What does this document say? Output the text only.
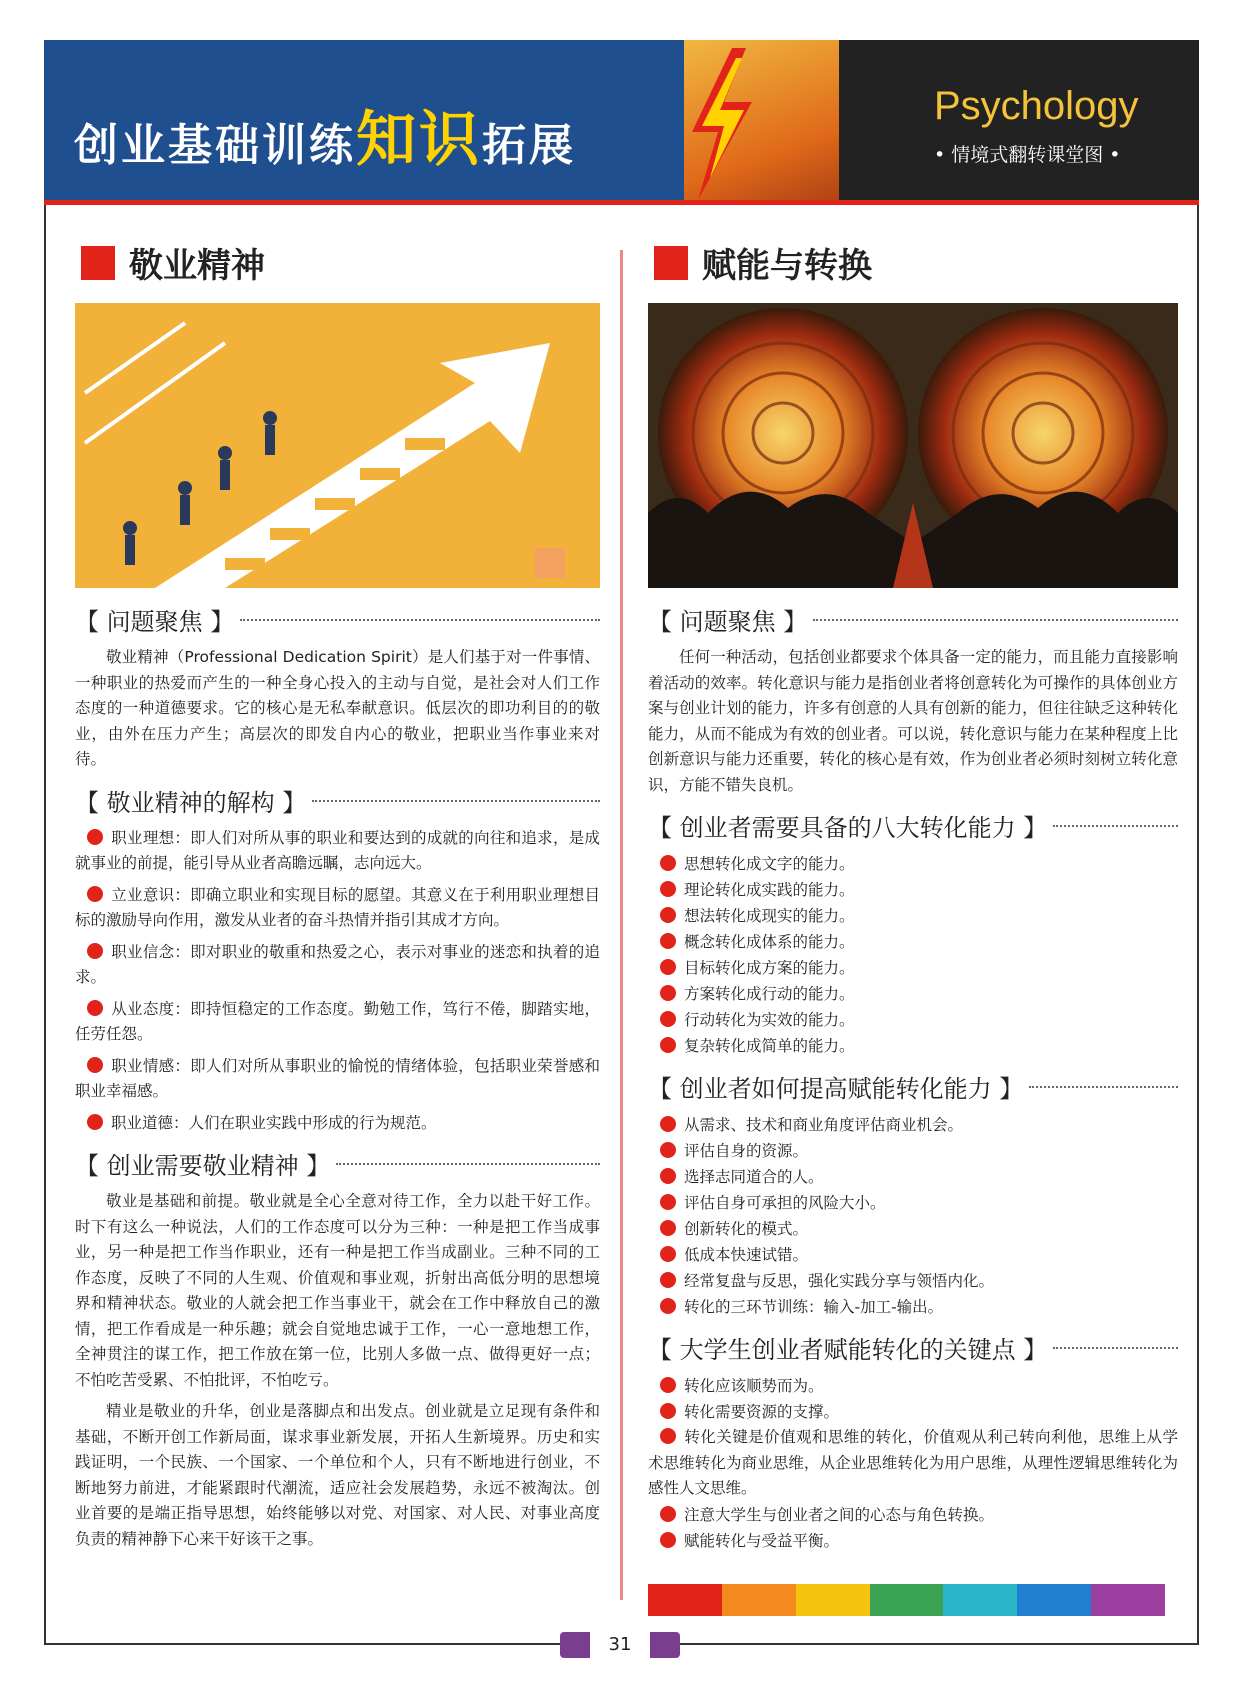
创业基础训练知识拓展
Psychology
• 情境式翻转课堂图 •
敬业精神
【 问题聚焦 】

敬业精神（Professional Dedication Spirit）是人们基于对一件事情、一种职业的热爱而产生的一种全身心投入的主动与自觉，是社会对人们工作态度的一种道德要求。它的核心是无私奉献意识。低层次的即功利目的的敬业，由外在压力产生；高层次的即发自内心的敬业，把职业当作事业来对待。

【 敬业精神的解构 】

职业理想：即人们对所从事的职业和要达到的成就的向往和追求，是成就事业的前提，能引导从业者高瞻远瞩，志向远大。

立业意识：即确立职业和实现目标的愿望。其意义在于利用职业理想目标的激励导向作用，激发从业者的奋斗热情并指引其成才方向。

职业信念：即对职业的敬重和热爱之心，表示对事业的迷恋和执着的追求。

从业态度：即持恒稳定的工作态度。勤勉工作，笃行不倦，脚踏实地，任劳任怨。

职业情感：即人们对所从事职业的愉悦的情绪体验，包括职业荣誉感和职业幸福感。

职业道德：人们在职业实践中形成的行为规范。

【 创业需要敬业精神 】

敬业是基础和前提。敬业就是全心全意对待工作，全力以赴干好工作。时下有这么一种说法，人们的工作态度可以分为三种：一种是把工作当成事业，另一种是把工作当作职业，还有一种是把工作当成副业。三种不同的工作态度，反映了不同的人生观、价值观和事业观，折射出高低分明的思想境界和精神状态。敬业的人就会把工作当事业干，就会在工作中释放自己的激情，把工作看成是一种乐趣；就会自觉地忠诚于工作，一心一意地想工作，全神贯注的谋工作，把工作放在第一位，比别人多做一点、做得更好一点；不怕吃苦受累、不怕批评，不怕吃亏。

精业是敬业的升华，创业是落脚点和出发点。创业就是立足现有条件和基础，不断开创工作新局面，谋求事业新发展，开拓人生新境界。历史和实践证明，一个民族、一个国家、一个单位和个人，只有不断地进行创业，不断地努力前进，才能紧跟时代潮流，适应社会发展趋势，永远不被淘汰。创业首要的是端正指导思想，始终能够以对党、对国家、对人民、对事业高度负责的精神静下心来干好该干之事。

赋能与转换
【 问题聚焦 】

任何一种活动，包括创业都要求个体具备一定的能力，而且能力直接影响着活动的效率。转化意识与能力是指创业者将创意转化为可操作的具体创业方案与创业计划的能力，许多有创意的人具有创新的能力，但往往缺乏这种转化能力，从而不能成为有效的创业者。可以说，转化意识与能力在某种程度上比创新意识与能力还重要，转化的核心是有效，作为创业者必须时刻树立转化意识，方能不错失良机。

【 创业者需要具备的八大转化能力 】
思想转化成文字的能力。
理论转化成实践的能力。
想法转化成现实的能力。
概念转化成体系的能力。
目标转化成方案的能力。
方案转化成行动的能力。
行动转化为实效的能力。
复杂转化成简单的能力。
【 创业者如何提高赋能转化能力 】
从需求、技术和商业角度评估商业机会。
评估自身的资源。
选择志同道合的人。
评估自身可承担的风险大小。
创新转化的模式。
低成本快速试错。
经常复盘与反思，强化实践分享与领悟内化。
转化的三环节训练：输入-加工-输出。
【 大学生创业者赋能转化的关键点 】
转化应该顺势而为。
转化需要资源的支撑。

转化关键是价值观和思维的转化，价值观从利己转向利他，思维上从学术思维转化为商业思维，从企业思维转化为用户思维，从理性逻辑思维转化为感性人文思维。

注意大学生与创业者之间的心态与角色转换。
赋能转化与受益平衡。
31
